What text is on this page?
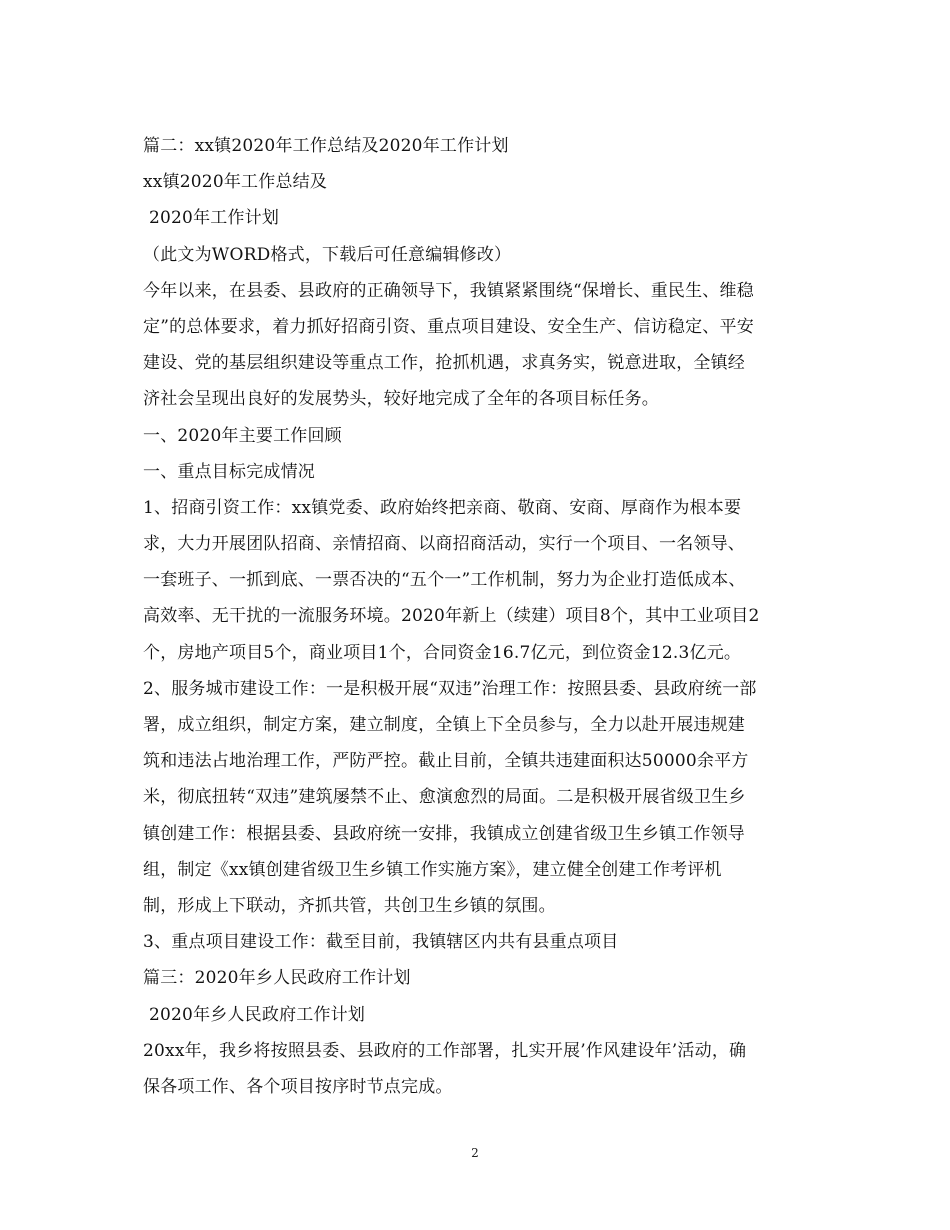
篇二：xx镇2020年工作总结及2020年工作计划
xx镇2020年工作总结及
2020年工作计划
（此文为WORD格式，下载后可任意编辑修改）
今年以来，在县委、县政府的正确领导下，我镇紧紧围绕“保增长、重民生、维稳
定”的总体要求，着力抓好招商引资、重点项目建设、安全生产、信访稳定、平安
建设、党的基层组织建设等重点工作，抢抓机遇，求真务实，锐意进取，全镇经
济社会呈现出良好的发展势头，较好地完成了全年的各项目标任务。
一、2020年主要工作回顾
一、重点目标完成情况
1、招商引资工作：xx镇党委、政府始终把亲商、敬商、安商、厚商作为根本要
求，大力开展团队招商、亲情招商、以商招商活动，实行一个项目、一名领导、
一套班子、一抓到底、一票否决的“五个一”工作机制，努力为企业打造低成本、
高效率、无干扰的一流服务环境。2020年新上（续建）项目8个，其中工业项目2
个，房地产项目5个，商业项目1个，合同资金16.7亿元，到位资金12.3亿元。
2、服务城市建设工作：一是积极开展“双违”治理工作：按照县委、县政府统一部
署，成立组织，制定方案，建立制度，全镇上下全员参与，全力以赴开展违规建
筑和违法占地治理工作，严防严控。截止目前，全镇共违建面积达50000余平方
米，彻底扭转“双违”建筑屡禁不止、愈演愈烈的局面。二是积极开展省级卫生乡
镇创建工作：根据县委、县政府统一安排，我镇成立创建省级卫生乡镇工作领导
组，制定《xx镇创建省级卫生乡镇工作实施方案》，建立健全创建工作考评机
制，形成上下联动，齐抓共管，共创卫生乡镇的氛围。
3、重点项目建设工作：截至目前，我镇辖区内共有县重点项目
篇三：2020年乡人民政府工作计划
2020年乡人民政府工作计划
20xx年，我乡将按照县委、县政府的工作部署，扎实开展’作风建设年’活动，确
保各项工作、各个项目按序时节点完成。
2
